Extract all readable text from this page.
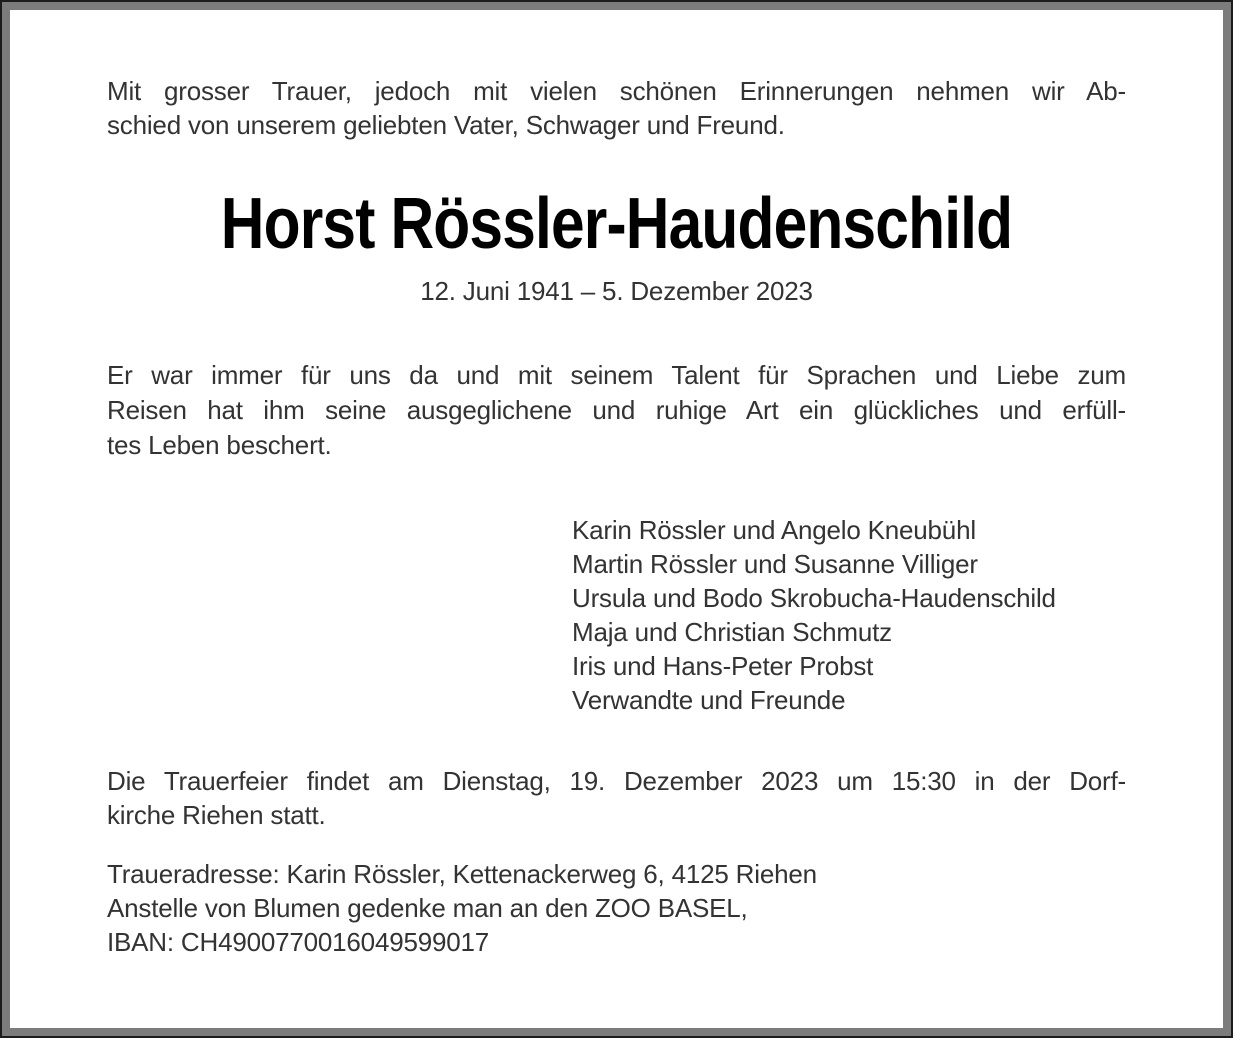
Mit grosser Trauer, jedoch mit vielen schönen Erinnerungen nehmen wir Ab-
schied von unserem geliebten Vater, Schwager und Freund.
Horst Rössler-Haudenschild
12. Juni 1941 – 5. Dezember 2023
Er war immer für uns da und mit seinem Talent für Sprachen und Liebe zum
Reisen hat ihm seine ausgeglichene und ruhige Art ein glückliches und erfüll-
tes Leben beschert.
Karin Rössler und Angelo Kneubühl
Martin Rössler und Susanne Villiger
Ursula und Bodo Skrobucha-Haudenschild
Maja und Christian Schmutz
Iris und Hans-Peter Probst
Verwandte und Freunde
Die Trauerfeier findet am Dienstag, 19. Dezember 2023 um 15:30 in der Dorf-
kirche Riehen statt.
Traueradresse: Karin Rössler, Kettenackerweg 6, 4125 Riehen
Anstelle von Blumen gedenke man an den ZOO BASEL,
IBAN: CH4900770016049599017
